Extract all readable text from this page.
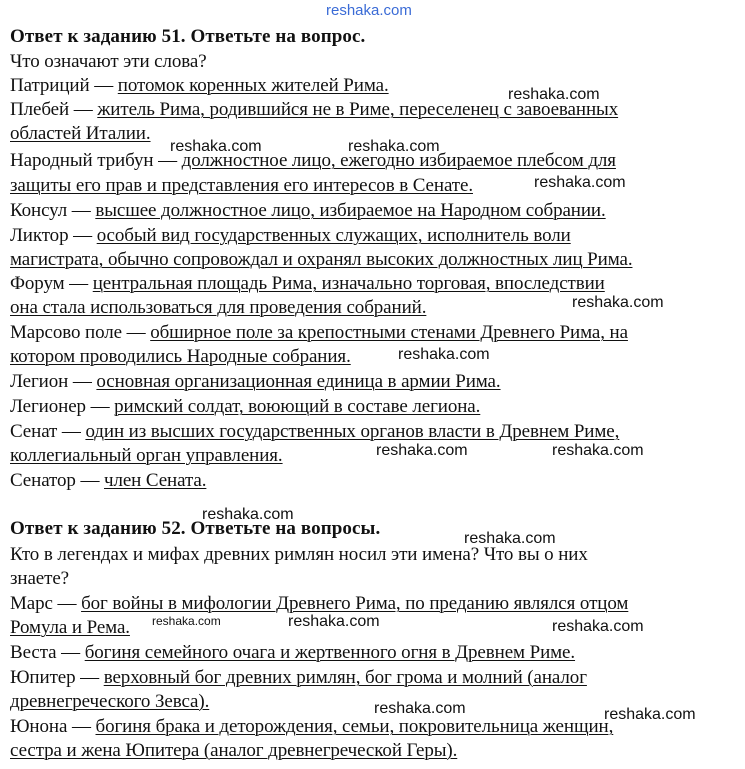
reshaka.com
Ответ к заданию 51. Ответьте на вопрос.
Что означают эти слова?
Патриций — потомок коренных жителей Рима.
Плебей — житель Рима, родившийся не в Риме, переселенец с завоеванных
областей Италии.
Народный трибун — должностное лицо, ежегодно избираемое плебсом для
защиты его прав и представления его интересов в Сенате.
Консул — высшее должностное лицо, избираемое на Народном собрании.
Ликтор — особый вид государственных служащих, исполнитель воли
магистрата, обычно сопровождал и охранял высоких должностных лиц Рима.
Форум — центральная площадь Рима, изначально торговая, впоследствии
она стала использоваться для проведения собраний.
Марсово поле — обширное поле за крепостными стенами Древнего Рима, на
котором проводились Народные собрания.
Легион — основная организационная единица в армии Рима.
Легионер — римский солдат, воюющий в составе легиона.
Сенат — один из высших государственных органов власти в Древнем Риме,
коллегиальный орган управления.
Сенатор — член Сената.
Ответ к заданию 52. Ответьте на вопросы.
Кто в легендах и мифах древних римлян носил эти имена? Что вы о них
знаете?
Марс — бог войны в мифологии Древнего Рима, по преданию являлся отцом
Ромула и Рема.
Веста — богиня семейного очага и жертвенного огня в Древнем Риме.
Юпитер — верховный бог древних римлян, бог грома и молний (аналог
древнегреческого Зевса).
Юнона — богиня брака и деторождения, семьи, покровительница женщин,
сестра и жена Юпитера (аналог древнегреческой Геры).
reshaka.com
reshaka.com	reshaka.com
reshaka.com
reshaka.com
reshaka.com
reshaka.com	reshaka.com
reshaka.com
reshaka.com
reshaka.com	reshaka.com	reshaka.com
reshaka.com	reshaka.com
